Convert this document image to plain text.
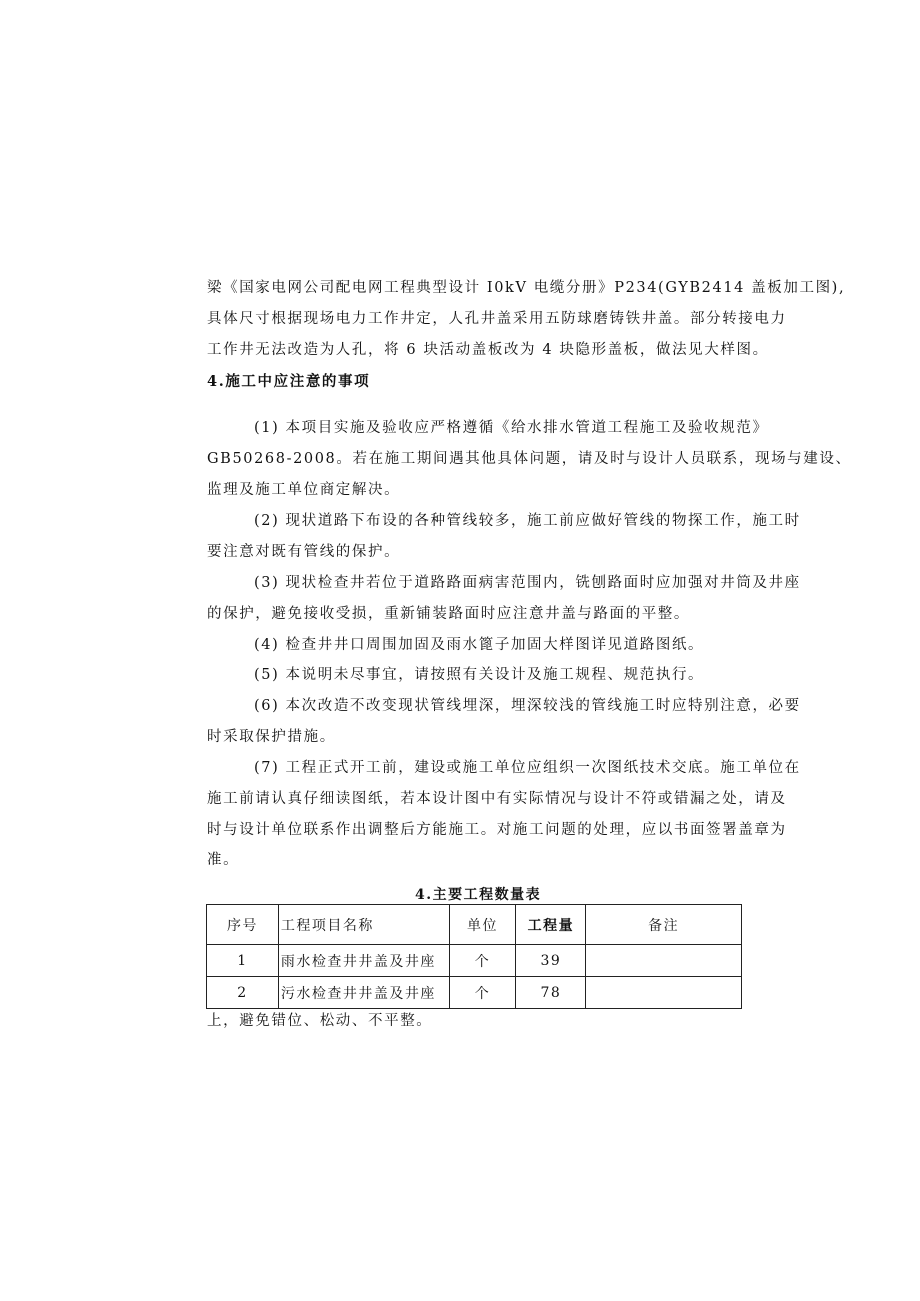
梁《国家电网公司配电网工程典型设计 I0kV 电缆分册》P234(GYB2414 盖板加工图),
具体尺寸根据现场电力工作井定，人孔井盖采用五防球磨铸铁井盖。部分转接电力
工作井无法改造为人孔，将 6 块活动盖板改为 4 块隐形盖板，做法见大样图。
4.施工中应注意的事项
(1) 本项目实施及验收应严格遵循《给水排水管道工程施工及验收规范》
GB50268-2008。若在施工期间遇其他具体问题，请及时与设计人员联系，现场与建设、
监理及施工单位商定解决。
(2) 现状道路下布设的各种管线较多，施工前应做好管线的物探工作，施工时
要注意对既有管线的保护。
(3) 现状检查井若位于道路路面病害范围内，铣刨路面时应加强对井筒及井座
的保护，避免接收受损，重新铺装路面时应注意井盖与路面的平整。
(4) 检查井井口周围加固及雨水篦子加固大样图详见道路图纸。
(5) 本说明未尽事宜，请按照有关设计及施工规程、规范执行。
(6) 本次改造不改变现状管线埋深，埋深较浅的管线施工时应特别注意，必要
时采取保护措施。
(7) 工程正式开工前，建设或施工单位应组织一次图纸技术交底。施工单位在
施工前请认真仔细读图纸，若本设计图中有实际情况与设计不符或错漏之处，请及
时与设计单位联系作出调整后方能施工。对施工问题的处理，应以书面签署盖章为
准。
4.主要工程数量表
序号	工程项目名称	单位	工程量	备注
1	雨水检查井井盖及井座	个	39	
2	污水检查井井盖及井座	个	78	
上，避免错位、松动、不平整。
